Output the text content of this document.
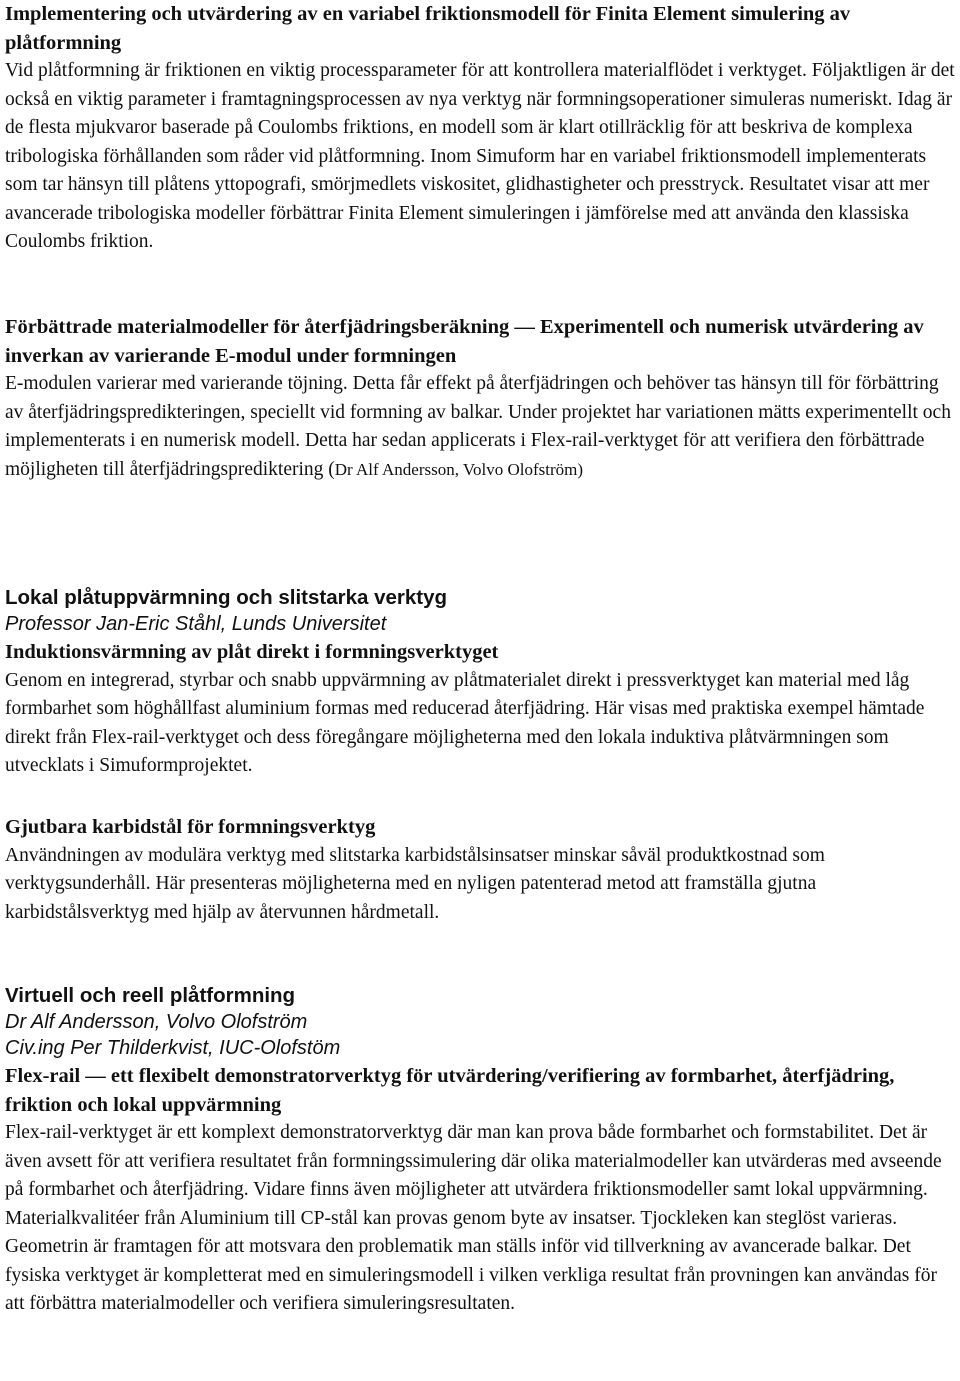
Implementering och utvärdering av en variabel friktionsmodell för Finita Element simulering av plåtformning

Vid plåtformning är friktionen en viktig processparameter för att kontrollera materialflödet i verktyget. Följaktligen är det också en viktig parameter i framtagningsprocessen av nya verktyg när formningsoperationer simuleras numeriskt. Idag är de flesta mjukvaror baserade på Coulombs friktions, en modell som är klart otillräcklig för att beskriva de komplexa tribologiska förhållanden som råder vid plåtformning. Inom Simuform har en variabel friktionsmodell implementerats som tar hänsyn till plåtens yttopografi, smörjmedlets viskositet, glidhastigheter och presstryck. Resultatet visar att mer avancerade tribologiska modeller förbättrar Finita Element simuleringen i jämförelse med att använda den klassiska Coulombs friktion.

Förbättrade materialmodeller för återfjädringsberäkning — Experimentell och numerisk utvärdering av inverkan av varierande E-modul under formningen

E-modulen varierar med varierande töjning. Detta får effekt på återfjädringen och behöver tas hänsyn till för förbättring av återfjädringspredikteringen, speciellt vid formning av balkar. Under projektet har variationen mätts experimentellt och implementerats i en numerisk modell. Detta har sedan applicerats i Flex-rail-verktyget för att verifiera den förbättrade möjligheten till återfjädringsprediktering (Dr Alf Andersson, Volvo Olofström)

Lokal plåtuppvärmning och slitstarka verktyg

Professor Jan-Eric Ståhl, Lunds Universitet

Induktionsvärmning av plåt direkt i formningsverktyget

Genom en integrerad, styrbar och snabb uppvärmning av plåtmaterialet direkt i pressverktyget kan material med låg formbarhet som höghållfast aluminium formas med reducerad återfjädring. Här visas med praktiska exempel hämtade direkt från Flex-rail-verktyget och dess föregångare möjligheterna med den lokala induktiva plåtvärmningen som utvecklats i Simuformprojektet.

Gjutbara karbidstål för formningsverktyg

Användningen av modulära verktyg med slitstarka karbidstålsinsatser minskar såväl produktkostnad som verktygsunderhåll. Här presenteras möjligheterna med en nyligen patenterad metod att framställa gjutna karbidstålsverktyg med hjälp av återvunnen hårdmetall.

Virtuell och reell plåtformning

Dr Alf Andersson, Volvo Olofström

Civ.ing Per Thilderkvist, IUC-Olofstöm

Flex-rail — ett flexibelt demonstratorverktyg för utvärdering/verifiering av formbarhet, återfjädring, friktion och lokal uppvärmning

Flex-rail-verktyget är ett komplext demonstratorverktyg där man kan prova både formbarhet och formstabilitet. Det är även avsett för att verifiera resultatet från formningssimulering där olika materialmodeller kan utvärderas med avseende på formbarhet och återfjädring. Vidare finns även möjligheter att utvärdera friktionsmodeller samt lokal uppvärmning. Materialkvalitéer från Aluminium till CP-stål kan provas genom byte av insatser. Tjockleken kan steglöst varieras. Geometrin är framtagen för att motsvara den problematik man ställs inför vid tillverkning av avancerade balkar. Det fysiska verktyget är kompletterat med en simuleringsmodell i vilken verkliga resultat från provningen kan användas för att förbättra materialmodeller och verifiera simuleringsresultaten.
